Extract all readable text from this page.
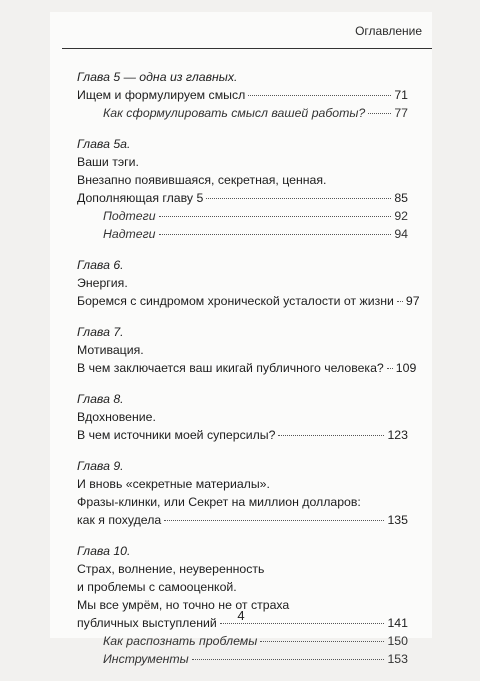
Оглавление
Глава 5 — одна из главных.
Ищем и формулируем смысл	71
Как сформулировать смысл вашей работы? 77
Глава 5а.
Ваши тэги.
Внезапно появившаяся, секретная, ценная.
Дополняющая главу 5	85
Подтеги	92
Надтеги	94
Глава 6.
Энергия.
Боремся с синдромом хронической усталости от жизни 97
Глава 7.
Мотивация.
В чем заключается ваш икигай публичного человека? 109
Глава 8.
Вдохновение.
В чем источники моей суперсилы?	123
Глава 9.
И вновь «секретные материалы».
Фразы-клинки, или Секрет на миллион долларов:
как я похудела	135
Глава 10.
Страх, волнение, неуверенность
и проблемы с самооценкой.
Мы все умрём, но точно не от страха
публичных выступлений	141
Как распознать проблемы	150
Инструменты	153
4
